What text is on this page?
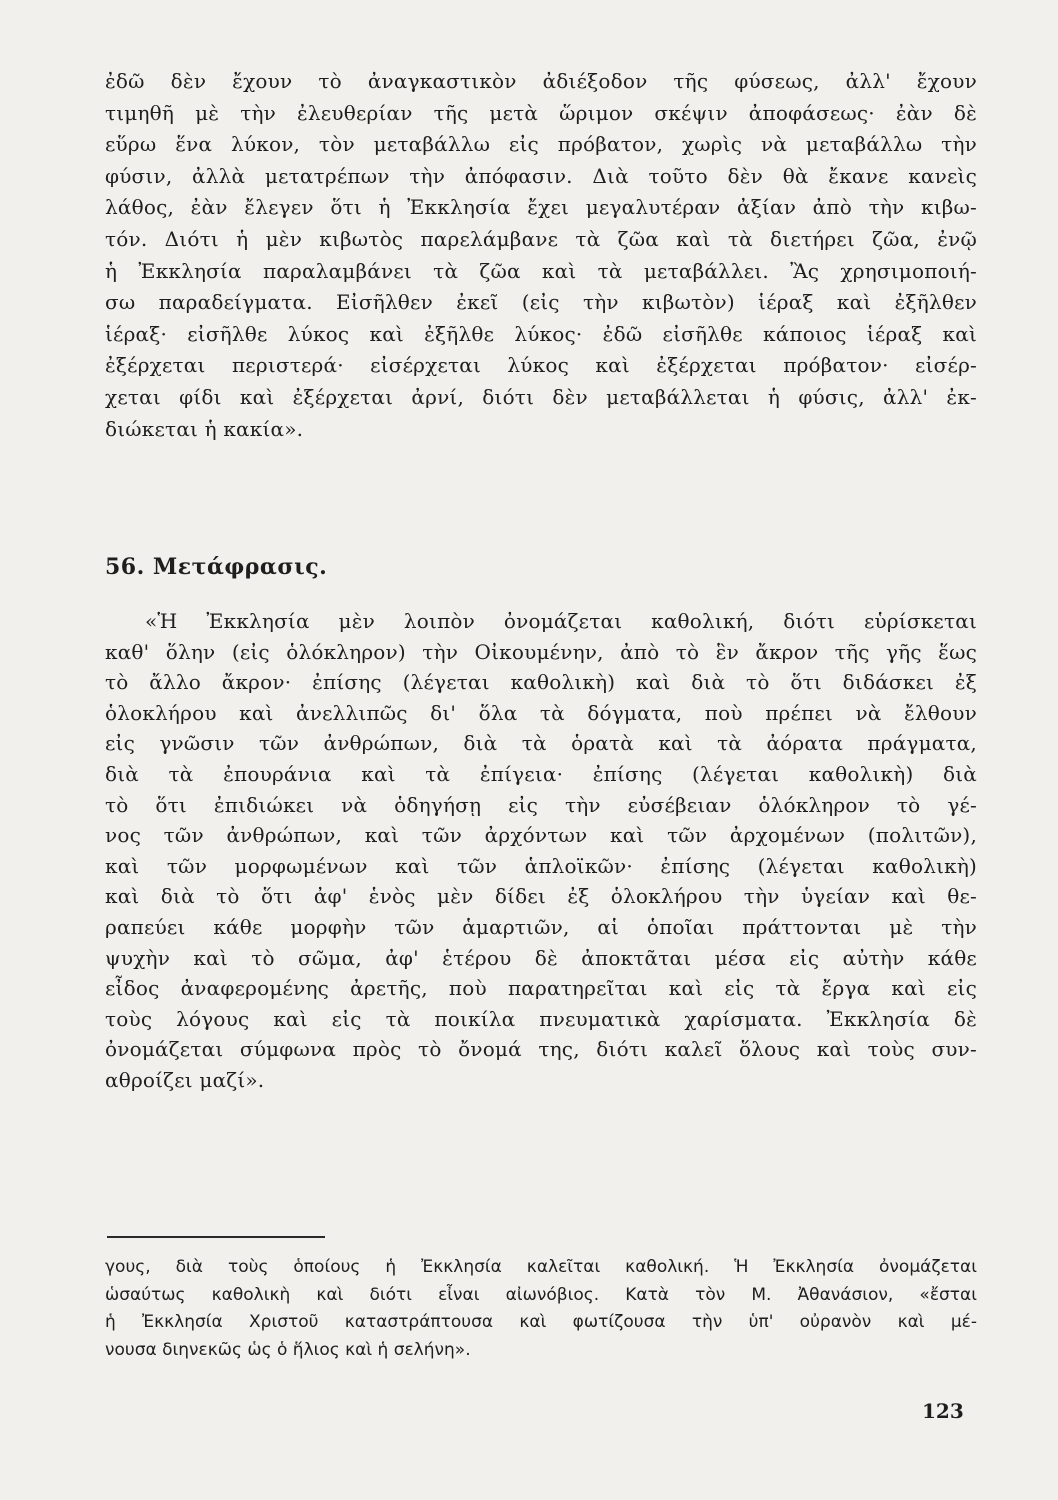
ἐδῶ δὲν ἔχουν τὸ ἀναγκαστικὸν ἀδιέξοδον τῆς φύσεως, ἀλλ' ἔχουν
τιμηθῆ μὲ τὴν ἐλευθερίαν τῆς μετὰ ὥριμον σκέψιν ἀποφάσεως· ἐὰν δὲ
εὕρω ἕνα λύκον, τὸν μεταβάλλω εἰς πρόβατον, χωρὶς νὰ μεταβάλλω τὴν
φύσιν, ἀλλὰ μετατρέπων τὴν ἀπόφασιν. Διὰ τοῦτο δὲν θὰ ἔκανε κανεὶς
λάθος, ἐὰν ἔλεγεν ὅτι ἡ Ἐκκλησία ἔχει μεγαλυτέραν ἀξίαν ἀπὸ τὴν κιβω-
τόν. Διότι ἡ μὲν κιβωτὸς παρελάμβανε τὰ ζῶα καὶ τὰ διετήρει ζῶα, ἐνῷ
ἡ Ἐκκλησία παραλαμβάνει τὰ ζῶα καὶ τὰ μεταβάλλει. Ἂς χρησιμοποιή-
σω παραδείγματα. Εἰσῆλθεν ἐκεῖ (εἰς τὴν κιβωτὸν) ἱέραξ καὶ ἐξῆλθεν
ἱέραξ· εἰσῆλθε λύκος καὶ ἐξῆλθε λύκος· ἐδῶ εἰσῆλθε κάποιος ἱέραξ καὶ
ἐξέρχεται περιστερά· εἰσέρχεται λύκος καὶ ἐξέρχεται πρόβατον· εἰσέρ-
χεται φίδι καὶ ἐξέρχεται ἀρνί, διότι δὲν μεταβάλλεται ἡ φύσις, ἀλλ' ἐκ-
διώκεται ἡ κακία».
56. Μετάφρασις.
«Ἡ Ἐκκλησία μὲν λοιπὸν ὀνομάζεται καθολική, διότι εὑρίσκεται
καθ' ὅλην (εἰς ὁλόκληρον) τὴν Οἰκουμένην, ἀπὸ τὸ ἓν ἄκρον τῆς γῆς ἕως
τὸ ἄλλο ἄκρον· ἐπίσης (λέγεται καθολικὴ) καὶ διὰ τὸ ὅτι διδάσκει ἐξ
ὁλοκλήρου καὶ ἀνελλιπῶς δι' ὅλα τὰ δόγματα, ποὺ πρέπει νὰ ἔλθουν
εἰς γνῶσιν τῶν ἀνθρώπων, διὰ τὰ ὁρατὰ καὶ τὰ ἀόρατα πράγματα,
διὰ τὰ ἐπουράνια καὶ τὰ ἐπίγεια· ἐπίσης (λέγεται καθολικὴ) διὰ
τὸ ὅτι ἐπιδιώκει νὰ ὁδηγήσῃ εἰς τὴν εὐσέβειαν ὁλόκληρον τὸ γέ-
νος τῶν ἀνθρώπων, καὶ τῶν ἀρχόντων καὶ τῶν ἀρχομένων (πολιτῶν),
καὶ τῶν μορφωμένων καὶ τῶν ἁπλοϊκῶν· ἐπίσης (λέγεται καθολικὴ)
καὶ διὰ τὸ ὅτι ἀφ' ἑνὸς μὲν δίδει ἐξ ὁλοκλήρου τὴν ὑγείαν καὶ θε-
ραπεύει κάθε μορφὴν τῶν ἁμαρτιῶν, αἱ ὁποῖαι πράττονται μὲ τὴν
ψυχὴν καὶ τὸ σῶμα, ἀφ' ἑτέρου δὲ ἀποκτᾶται μέσα εἰς αὐτὴν κάθε
εἶδος ἀναφερομένης ἀρετῆς, ποὺ παρατηρεῖται καὶ εἰς τὰ ἔργα καὶ εἰς
τοὺς λόγους καὶ εἰς τὰ ποικίλα πνευματικὰ χαρίσματα. Ἐκκλησία δὲ
ὀνομάζεται σύμφωνα πρὸς τὸ ὄνομά της, διότι καλεῖ ὅλους καὶ τοὺς συν-
αθροίζει μαζί».
γους, διὰ τοὺς ὁποίους ἡ Ἐκκλησία καλεῖται καθολική. Ἡ Ἐκκλησία ὀνομάζεται
ὡσαύτως καθολικὴ καὶ διότι εἶναι αἰωνόβιος. Κατὰ τὸν Μ. Ἀθανάσιον, «ἔσται
ἡ Ἐκκλησία Χριστοῦ καταστράπτουσα καὶ φωτίζουσα τὴν ὑπ' οὐρανὸν καὶ μέ-
νουσα διηνεκῶς ὡς ὁ ἥλιος καὶ ἡ σελήνη».

123
